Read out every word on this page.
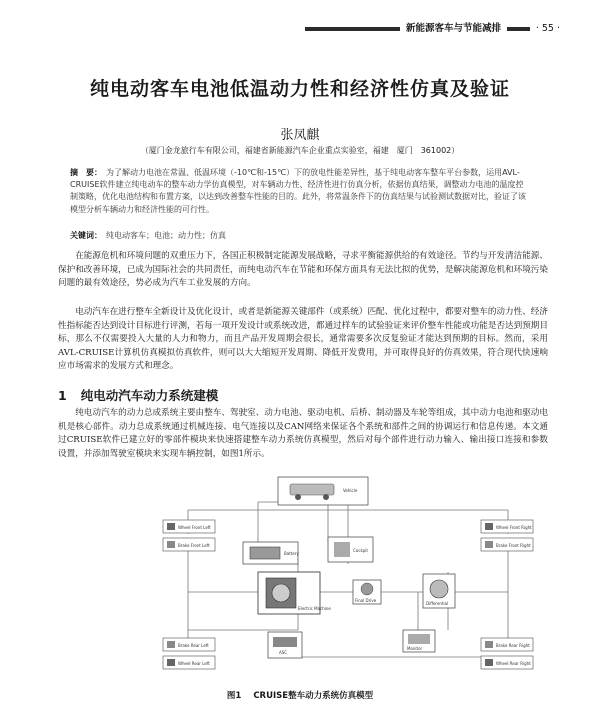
新能源客车与节能减排	· 55 ·
纯电动客车电池低温动力性和经济性仿真及验证
张凤麒
（厦门金龙旅行车有限公司，福建省新能源汽车企业重点实验室，福建　厦门　361002）
摘　要： 为了解动力电池在常温、低温环境（-10℃和-15℃）下的放电性能差异性，基于纯电动客车整车平台参数，运用AVL-CRUISE软件建立纯电动车的整车动力学仿真模型，对车辆动力性、经济性进行仿真分析，依据仿真结果，调整动力电池的温度控制策略，优化电池结构和布置方案，以达到改善整车性能的目的。此外，将常温条件下的仿真结果与试验测试数据对比，验证了该模型分析车辆动力和经济性能的可行性。
关键词： 纯电动客车；电池；动力性；仿真
在能源危机和环境问题的双重压力下，各国正积极制定能源发展战略，寻求平衡能源供给的有效途径。节约与开发清洁能源、保护和改善环境，已成为国际社会的共同责任，而纯电动汽车在节能和环保方面具有无法比拟的优势，是解决能源危机和环境污染问题的最有效途径，势必成为汽车工业发展的方向。
电动汽车在进行整车全新设计及优化设计，或者是新能源关键部件（或系统）匹配、优化过程中，都要对整车的动力性、经济性指标能否达到设计目标进行评测，若每一项开发设计或系统改进，都通过样车的试验验证来评价整车性能或功能是否达到预期目标，那么不仅需要投入大量的人力和物力，而且产品开发周期会很长，通常需要多次反复验证才能达到预期的目标。然而，采用AVL-CRUISE计算机仿真模拟仿真软件，则可以大大缩短开发周期、降低开发费用，并可取得良好的仿真效果，符合现代快速响应市场需求的发展方式和理念。
1 纯电动汽车动力系统建模
纯电动汽车的动力总成系统主要由整车、驾驶室、动力电池、驱动电机、后桥、制动器及车轮等组成，其中动力电池和驱动电机是核心部件。动力总成系统通过机械连接、电气连接以及CAN网络来保证各个系统和部件之间的协调运行和信息传递。本文通过CRUISE软件已建立好的零部件模块来快速搭建整车动力系统仿真模型，然后对每个部件进行动力输入、输出接口连接和参数设置，并添加驾驶室模块来实现车辆控制，如图1所示。
Vehicle
Wheel Front Left
Brake Front Left
Battery
Cockpit
Electric Machine
Final Drive
Differential
Brake Rear Left
Wheel Rear Left
ASC
Wheel Front Right
Brake Front Right
Brake Rear Right
Wheel Rear Right
Monitor
图1 CRUISE整车动力系统仿真模型
